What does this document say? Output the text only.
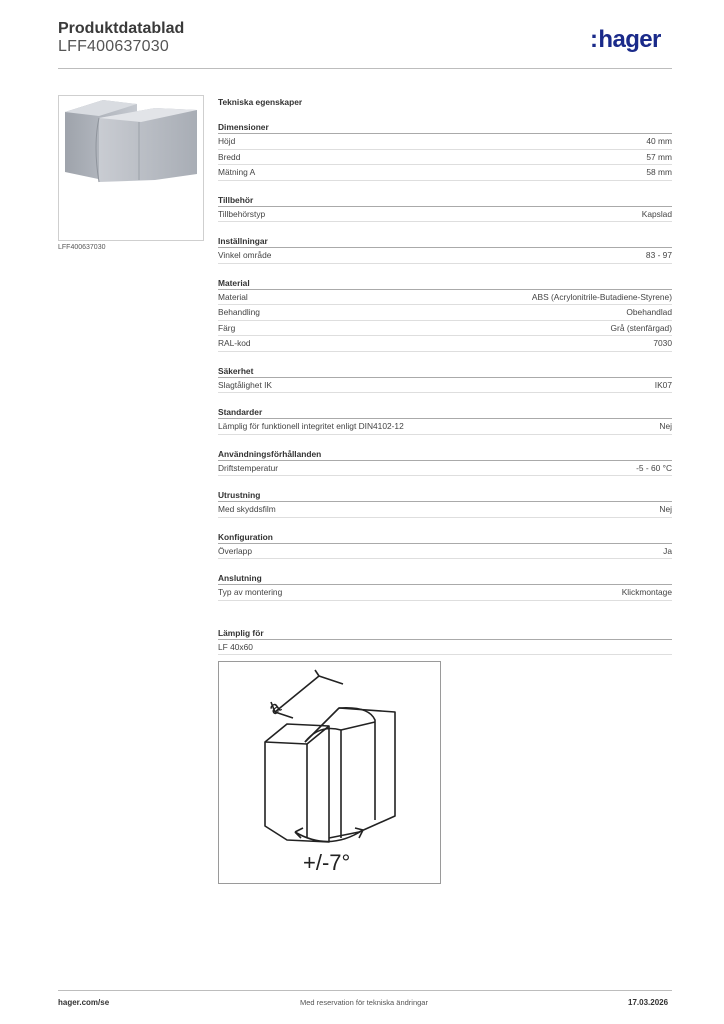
Produktdatablad
LFF400637030	:hager
LFF400637030
Tekniska egenskaper
Dimensioner
Höjd	40 mm
Bredd	57 mm
Mätning A	58 mm
Tillbehör
Tillbehörstyp	Kapslad
Inställningar
Vinkel område	83 - 97
Material
Material	ABS (Acrylonitrile-Butadiene-Styrene)
Behandling	Obehandlad
Färg	Grå (stenfärgad)
RAL-kod	7030
Säkerhet
Slagtålighet IK	IK07
Standarder
Lämplig för funktionell integritet enligt DIN4102-12	Nej
Användningsförhållanden
Driftstemperatur	-5 - 60 °C
Utrustning
Med skyddsfilm	Nej
Konfiguration
Överlapp	Ja
Anslutning
Typ av montering	Klickmontage
Lämplig för
LF 40x60
a
+/-7°
hager.com/se	Med reservation för tekniska ändringar	17.03.2026
